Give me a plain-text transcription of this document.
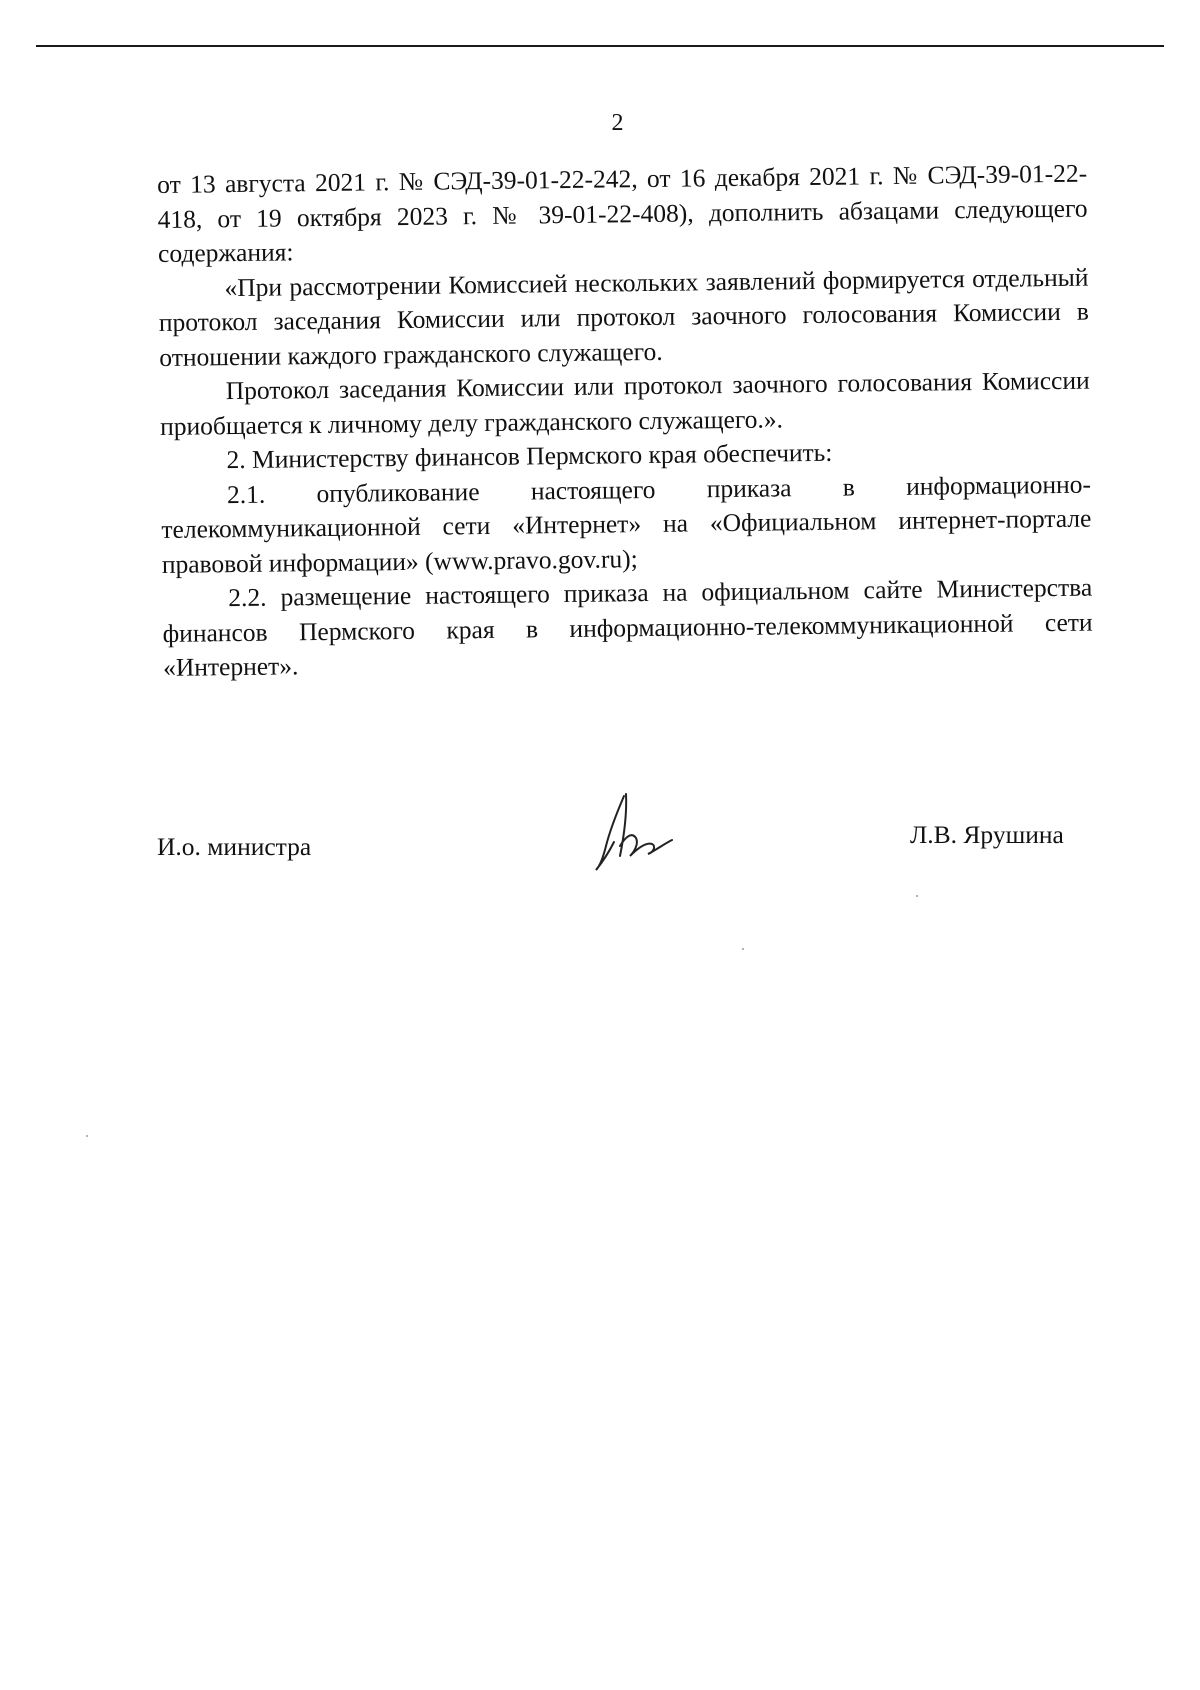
2

от 13 августа 2021 г. № СЭД-39-01-22-242, от 16 декабря 2021 г. № СЭД-39-01-22-418, от 19 октября 2023 г. № 39-01-22-408), дополнить абзацами следующего содержания:

«При рассмотрении Комиссией нескольких заявлений формируется отдельный протокол заседания Комиссии или протокол заочного голосования Комиссии в отношении каждого гражданского служащего.

Протокол заседания Комиссии или протокол заочного голосования Комиссии приобщается к личному делу гражданского служащего.».

2. Министерству финансов Пермского края обеспечить:

2.1. опубликование настоящего приказа в информационно-телекоммуникационной сети «Интернет» на «Официальном интернет-портале правовой информации» (www.pravo.gov.ru);

2.2. размещение настоящего приказа на официальном сайте Министерства финансов Пермского края в информационно-телекоммуникационной сети «Интернет».

И.о. министра	Л.В. Ярушина
